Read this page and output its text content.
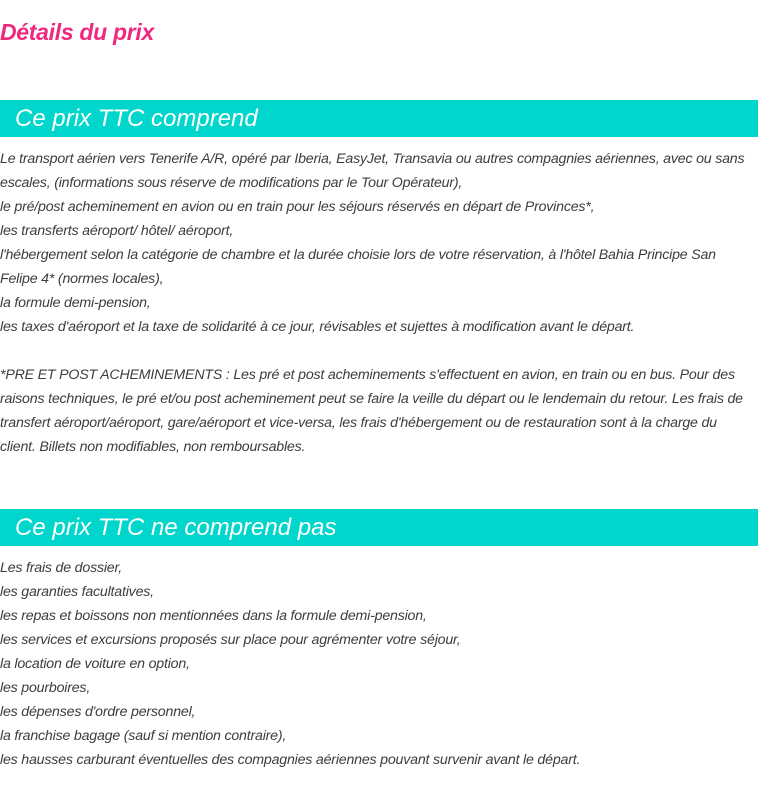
Détails du prix
Ce prix TTC comprend

Le transport aérien vers Tenerife A/R, opéré par Iberia, EasyJet, Transavia ou autres compagnies aériennes, avec ou sans escales, (informations sous réserve de modifications par le Tour Opérateur),

le pré/post acheminement en avion ou en train pour les séjours réservés en départ de Provinces*,

les transferts aéroport/ hôtel/ aéroport,

l'hébergement selon la catégorie de chambre et la durée choisie lors de votre réservation, à l'hôtel Bahia Principe San Felipe 4* (normes locales),

la formule demi-pension,

les taxes d'aéroport et la taxe de solidarité à ce jour, révisables et sujettes à modification avant le départ.

*PRE ET POST ACHEMINEMENTS : Les pré et post acheminements s'effectuent en avion, en train ou en bus. Pour des raisons techniques, le pré et/ou post acheminement peut se faire la veille du départ ou le lendemain du retour. Les frais de transfert aéroport/aéroport, gare/aéroport et vice-versa, les frais d'hébergement ou de restauration sont à la charge du client. Billets non modifiables, non remboursables.

Ce prix TTC ne comprend pas

Les frais de dossier,

les garanties facultatives,

les repas et boissons non mentionnées dans la formule demi-pension,

les services et excursions proposés sur place pour agrémenter votre séjour,

la location de voiture en option,

les pourboires,

les dépenses d'ordre personnel,

la franchise bagage (sauf si mention contraire),

les hausses carburant éventuelles des compagnies aériennes pouvant survenir avant le départ.
